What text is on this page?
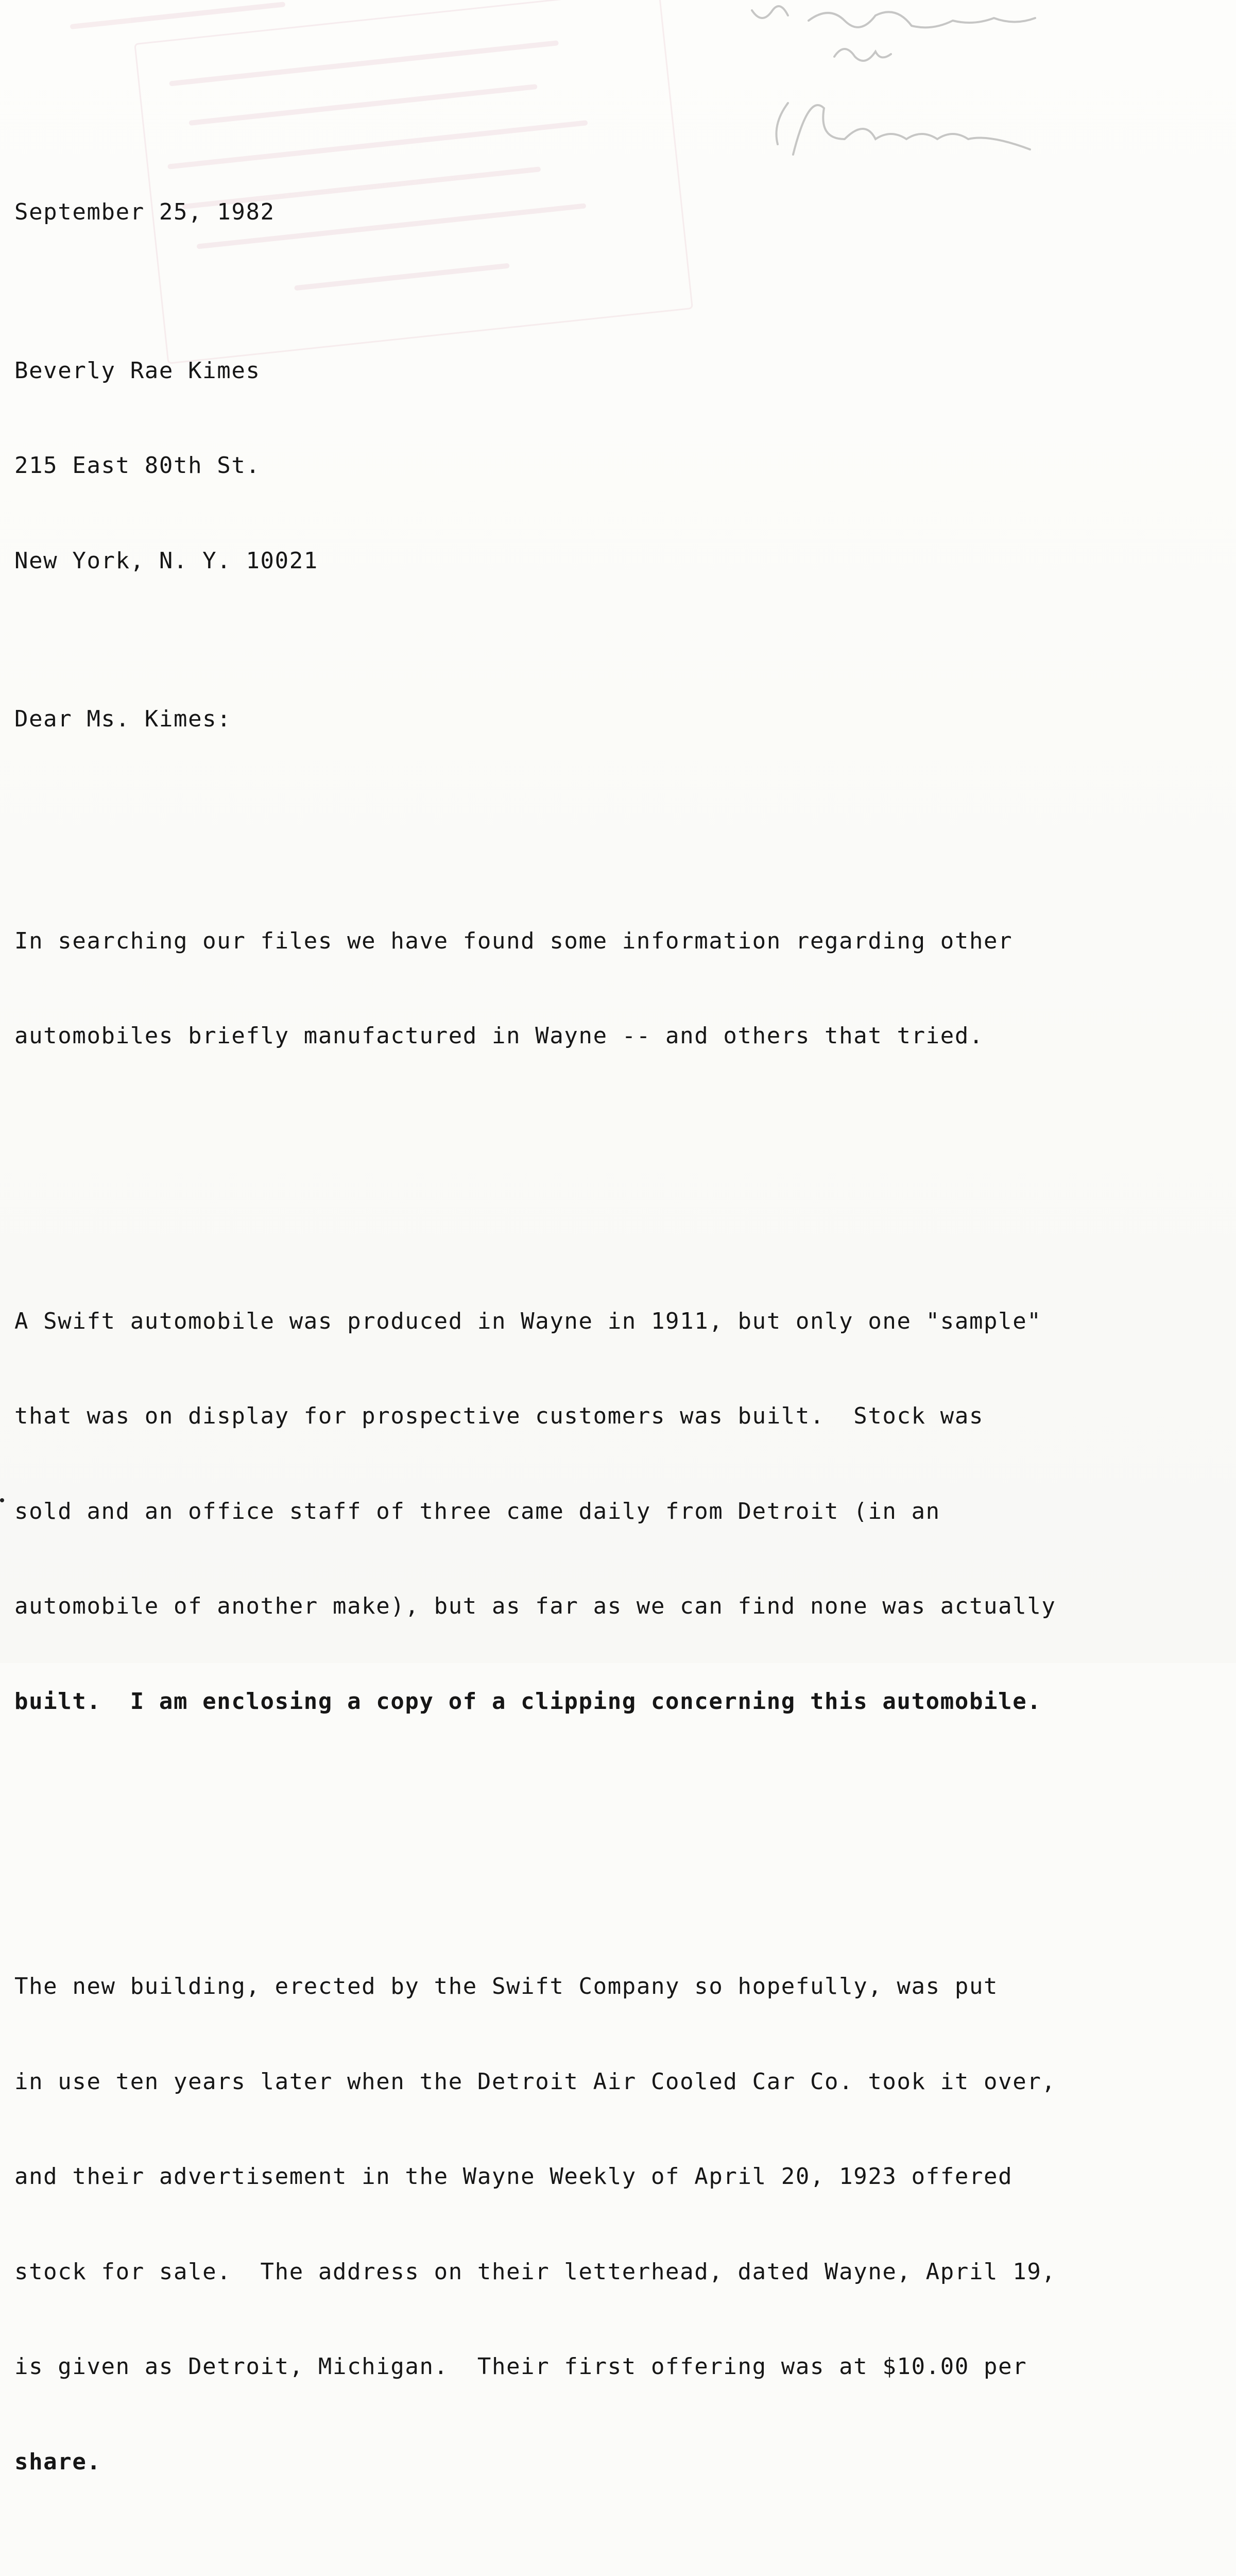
September 25, 1982

Beverly Rae Kimes

215 East 80th St.

New York, N. Y. 10021

Dear Ms. Kimes:

In searching our files we have found some information regarding other

automobiles briefly manufactured in Wayne -- and others that tried.

A Swift automobile was produced in Wayne in 1911, but only one "sample"

that was on display for prospective customers was built.  Stock was

sold and an office staff of three came daily from Detroit (in an

automobile of another make), but as far as we can find none was actually

built.  I am enclosing a copy of a clipping concerning this automobile.

The new building, erected by the Swift Company so hopefully, was put

in use ten years later when the Detroit Air Cooled Car Co. took it over,

and their advertisement in the Wayne Weekly of April 20, 1923 offered

stock for sale.  The address on their letterhead, dated Wayne, April 19,

is given as Detroit, Michigan.  Their first offering was at $10.00 per

share.
